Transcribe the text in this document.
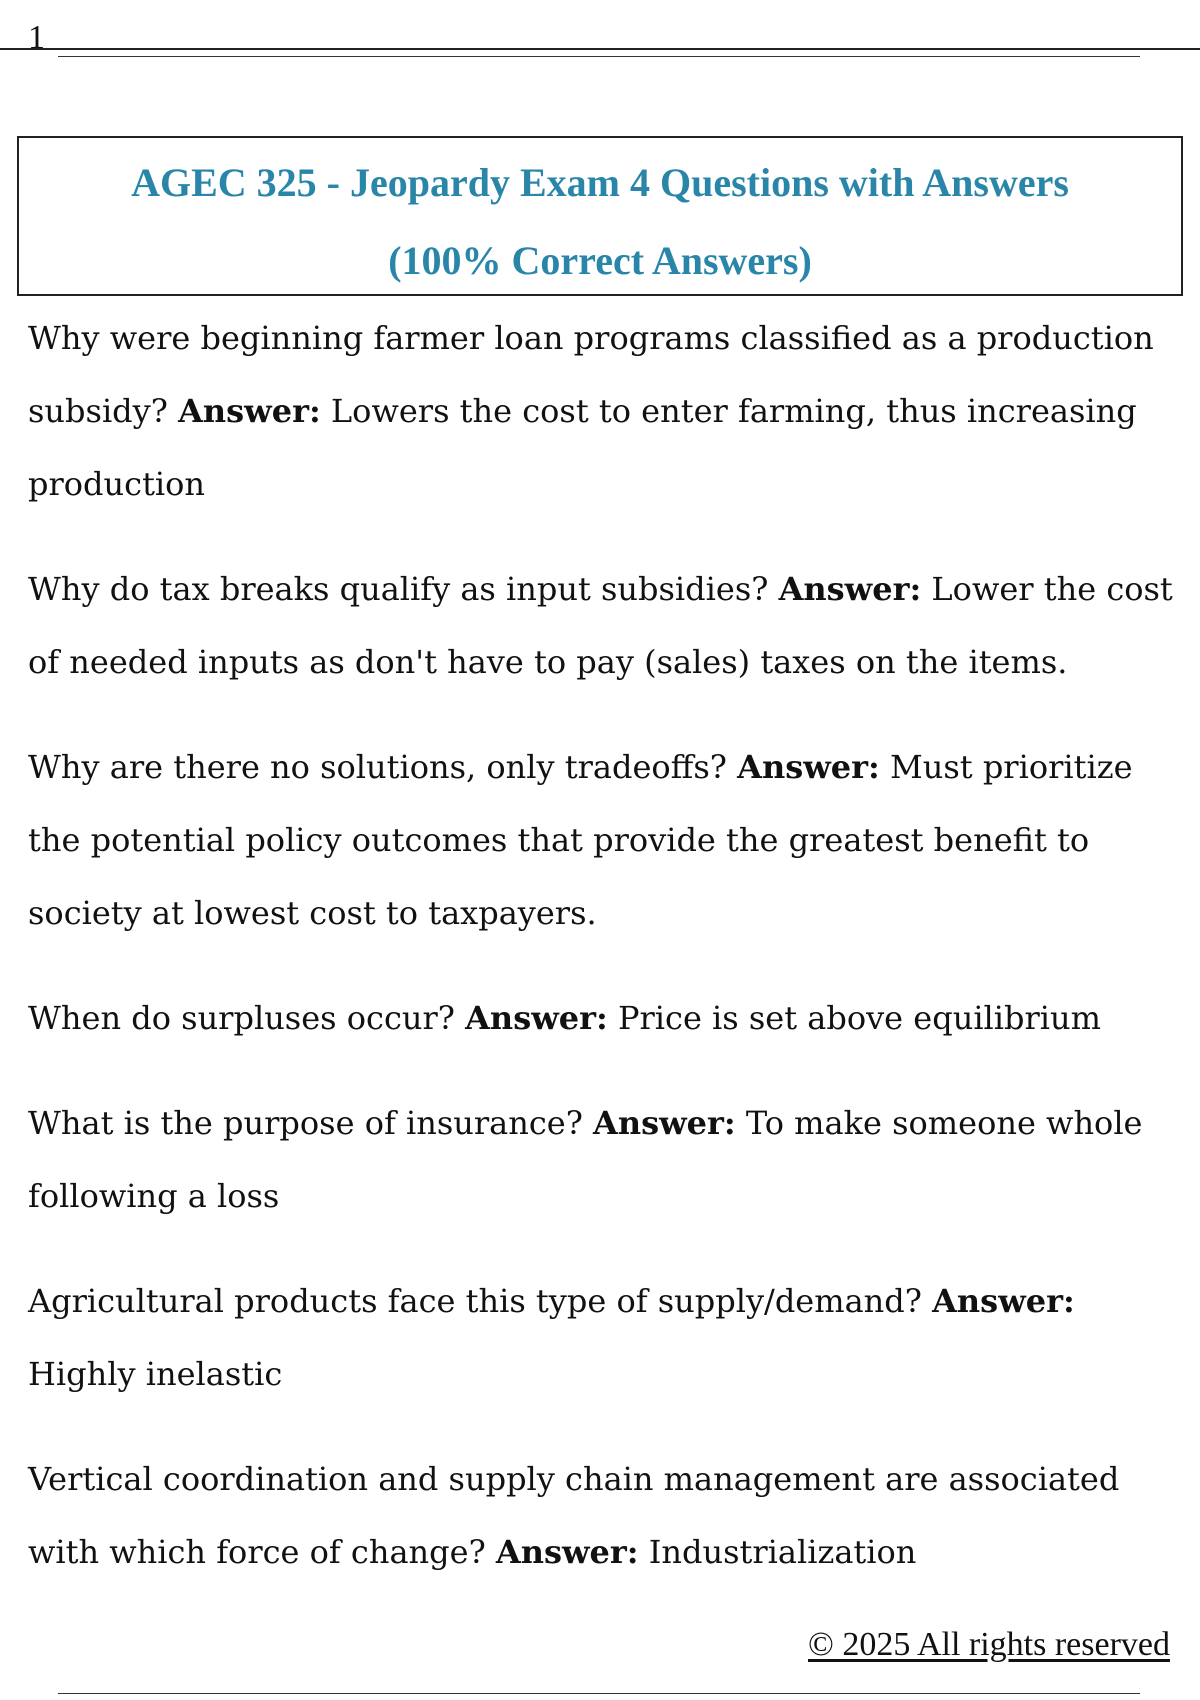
1
AGEC 325 - Jeopardy Exam 4 Questions with Answers
(100% Correct Answers)

Why were beginning farmer loan programs classified as a production subsidy? Answer: Lowers the cost to enter farming, thus increasing production

Why do tax breaks qualify as input subsidies? Answer: Lower the cost of needed inputs as don't have to pay (sales) taxes on the items.

Why are there no solutions, only tradeoffs? Answer: Must prioritize the potential policy outcomes that provide the greatest benefit to society at lowest cost to taxpayers.

When do surpluses occur? Answer: Price is set above equilibrium

What is the purpose of insurance? Answer: To make someone whole following a loss

Agricultural products face this type of supply/demand? Answer: Highly inelastic

Vertical coordination and supply chain management are associated with which force of change? Answer: Industrialization

© 2025 All rights reserved
